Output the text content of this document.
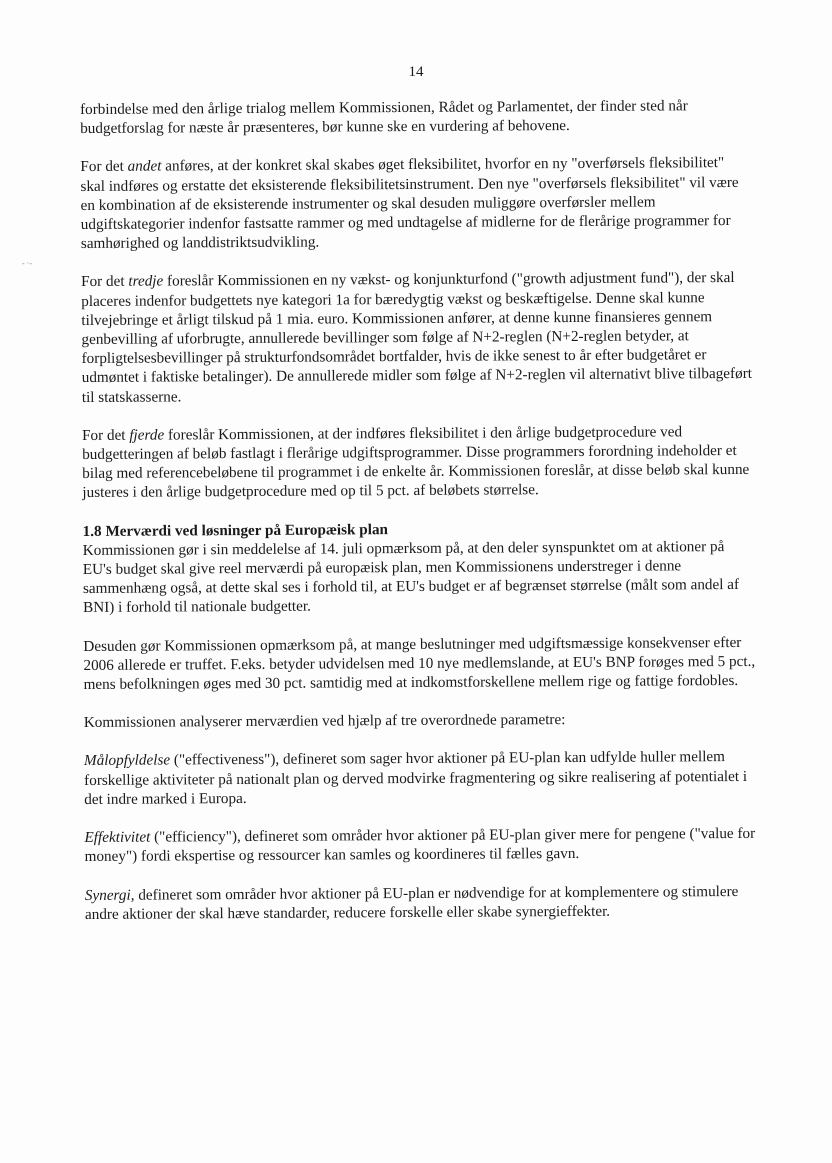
14
- ·-

forbindelse med den årlige trialog mellem Kommissionen, Rådet og Parlamentet, der finder sted når budgetforslag for næste år præsenteres, bør kunne ske en vurdering af behovene.

For det andet anføres, at der konkret skal skabes øget fleksibilitet, hvorfor en ny "overførsels fleksibilitet" skal indføres og erstatte det eksisterende fleksibilitetsinstrument. Den nye "overførsels fleksibilitet" vil være en kombination af de eksisterende instrumenter og skal desuden muliggøre overførsler mellem udgiftskategorier indenfor fastsatte rammer og med undtagelse af midlerne for de flerårige programmer for samhørighed og landdistriktsudvikling.

For det tredje foreslår Kommissionen en ny vækst- og konjunkturfond ("growth adjustment fund"), der skal placeres indenfor budgettets nye kategori 1a for bæredygtig vækst og beskæftigelse. Denne skal kunne tilvejebringe et årligt tilskud på 1 mia. euro. Kommissionen anfører, at denne kunne finansieres gennem genbevilling af uforbrugte, annullerede bevillinger som følge af N+2-reglen (N+2-reglen betyder, at forpligtelsesbevillinger på strukturfondsområdet bortfalder, hvis de ikke senest to år efter budgetåret er udmøntet i faktiske betalinger). De annullerede midler som følge af N+2-reglen vil alternativt blive tilbageført til statskasserne.

For det fjerde foreslår Kommissionen, at der indføres fleksibilitet i den årlige budgetprocedure ved budgetteringen af beløb fastlagt i flerårige udgiftsprogrammer. Disse programmers forordning indeholder et bilag med referencebeløbene til programmet i de enkelte år. Kommissionen foreslår, at disse beløb skal kunne justeres i den årlige budgetprocedure med op til 5 pct. af beløbets størrelse.

1.8 Merværdi ved løsninger på Europæisk plan

Kommissionen gør i sin meddelelse af 14. juli opmærksom på, at den deler synspunktet om at aktioner på EU's budget skal give reel merværdi på europæisk plan, men Kommissionens understreger i denne sammenhæng også, at dette skal ses i forhold til, at EU's budget er af begrænset størrelse (målt som andel af BNI) i forhold til nationale budgetter.

Desuden gør Kommissionen opmærksom på, at mange beslutninger med udgiftsmæssige konsekvenser efter 2006 allerede er truffet. F.eks. betyder udvidelsen med 10 nye medlemslande, at EU's BNP forøges med 5 pct., mens befolkningen øges med 30 pct. samtidig med at indkomstforskellene mellem rige og fattige fordobles.

Kommissionen analyserer merværdien ved hjælp af tre overordnede parametre:

Målopfyldelse ("effectiveness"), defineret som sager hvor aktioner på EU-plan kan udfylde huller mellem forskellige aktiviteter på nationalt plan og derved modvirke fragmentering og sikre realisering af potentialet i det indre marked i Europa.

Effektivitet ("efficiency"), defineret som områder hvor aktioner på EU-plan giver mere for pengene ("value for money") fordi ekspertise og ressourcer kan samles og koordineres til fælles gavn.

Synergi, defineret som områder hvor aktioner på EU-plan er nødvendige for at komplementere og stimulere andre aktioner der skal hæve standarder, reducere forskelle eller skabe synergieffekter.
